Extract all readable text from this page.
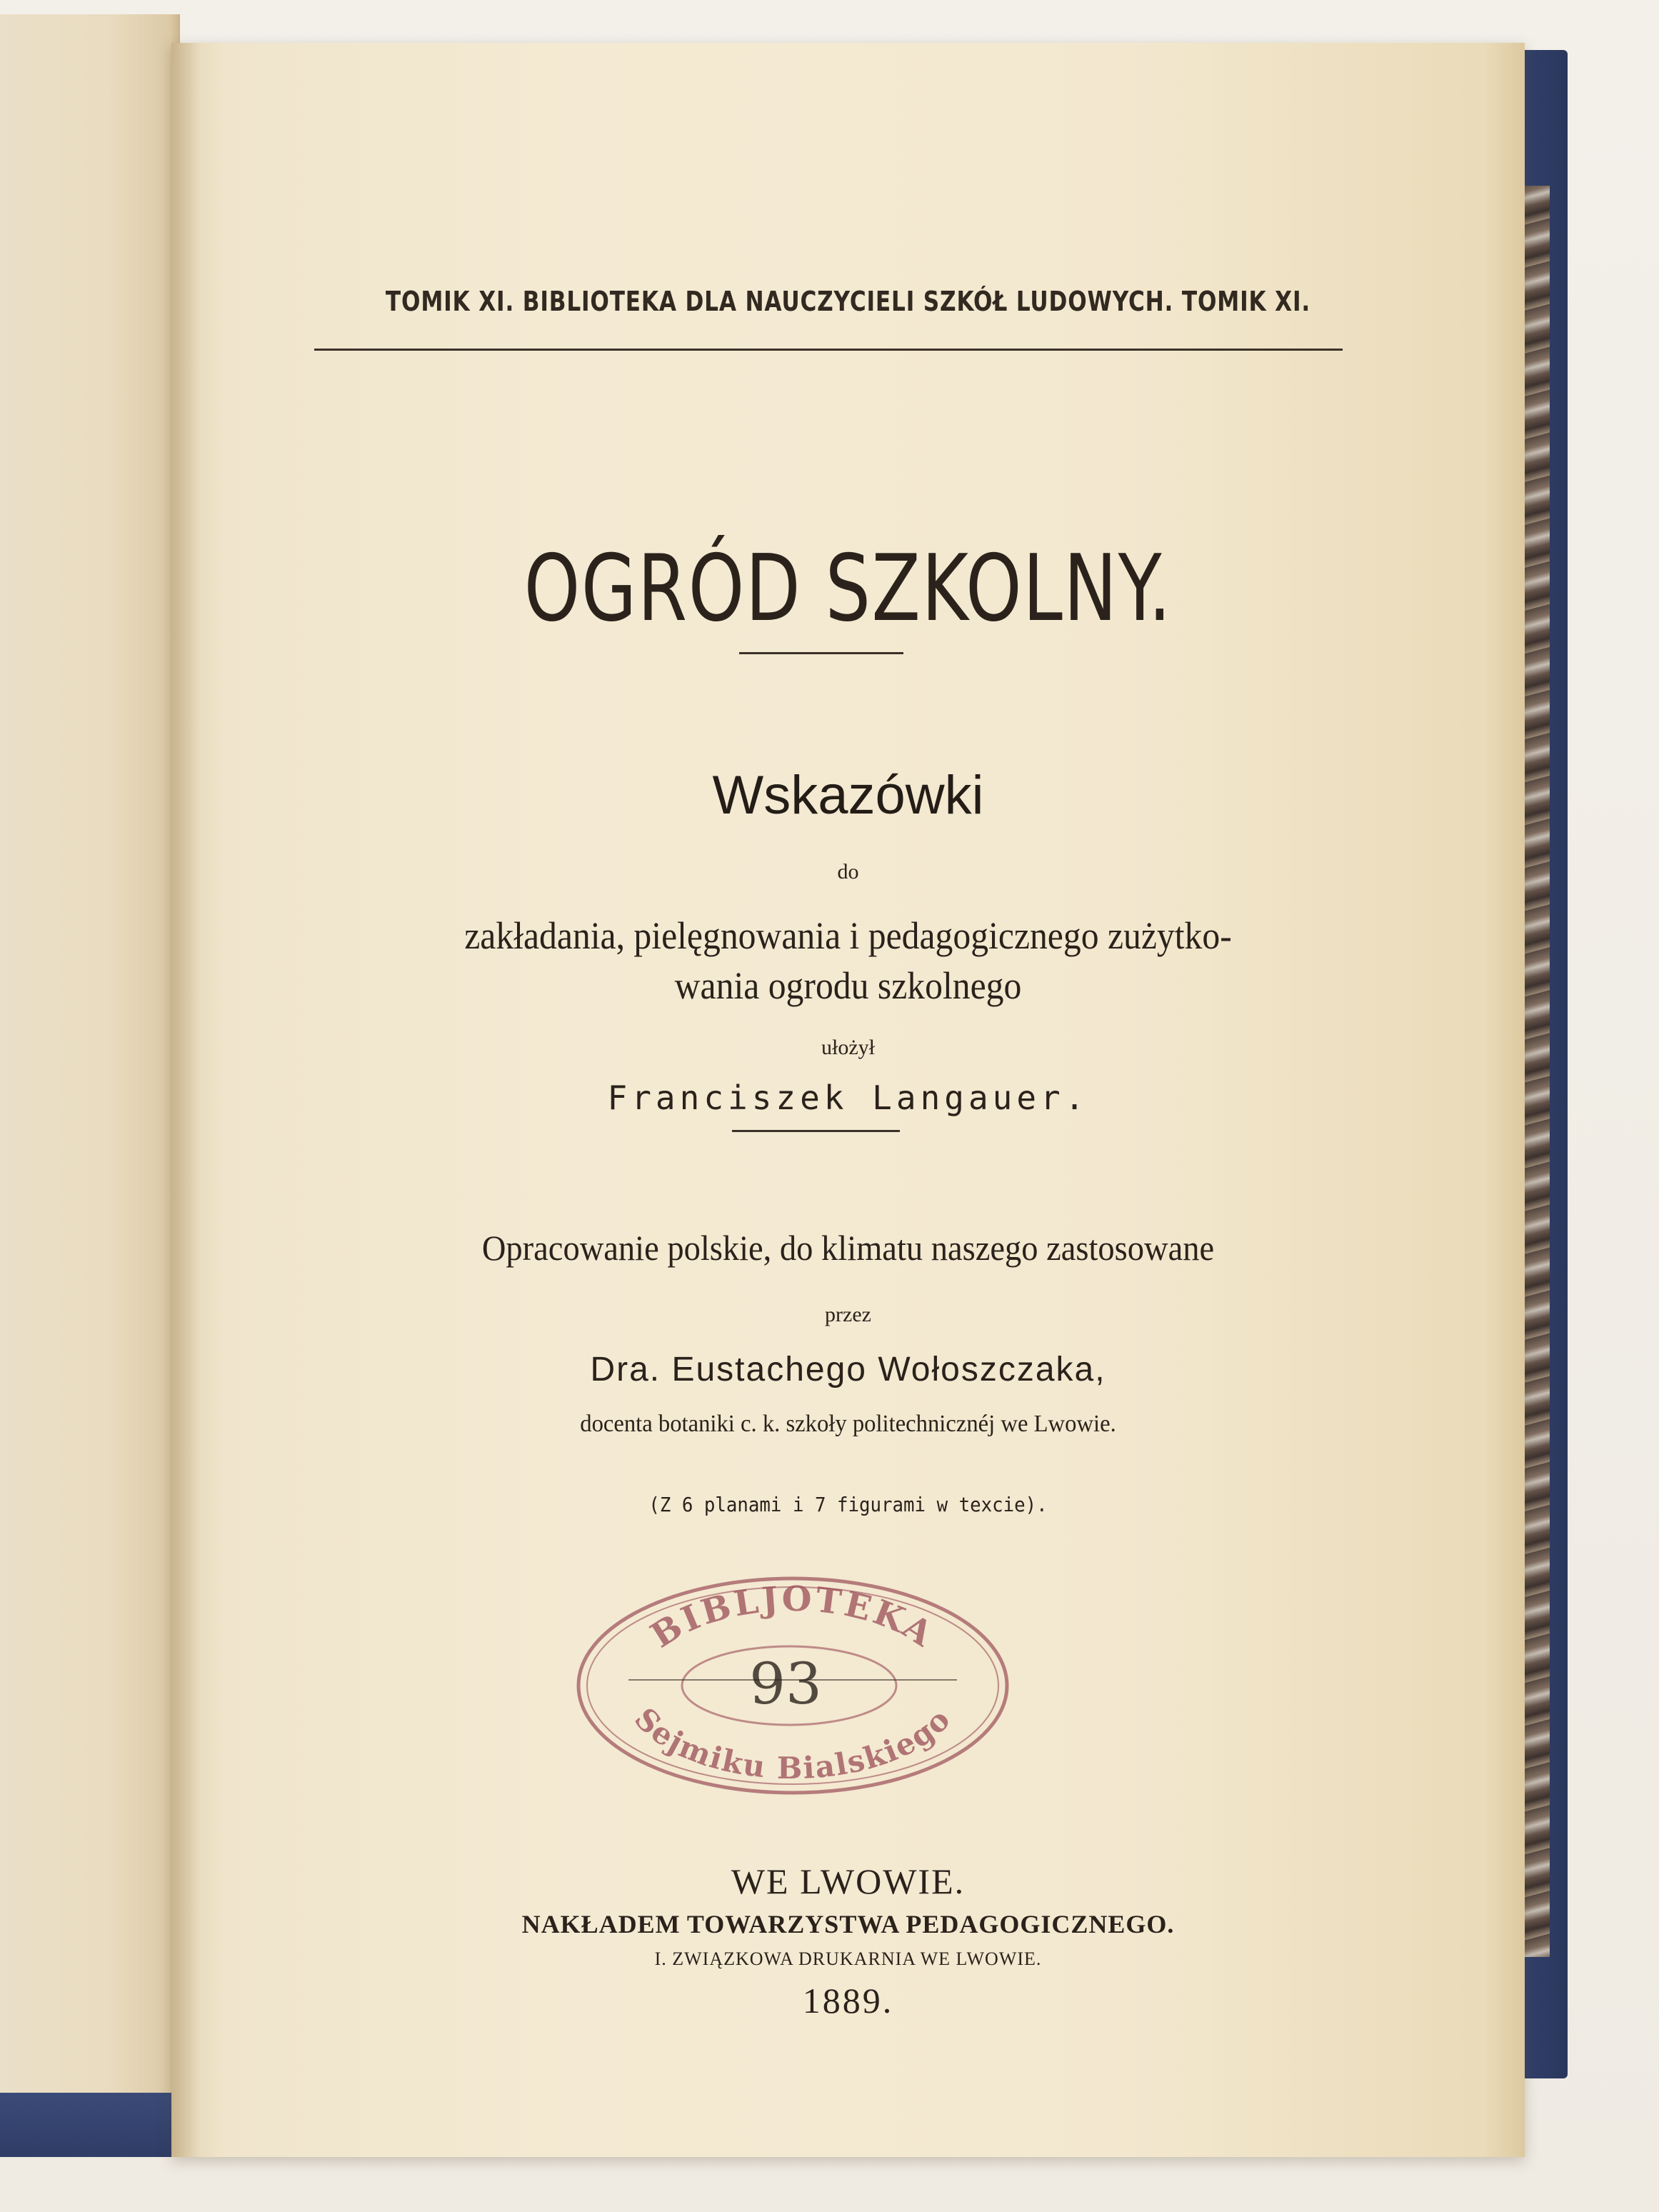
TOMIK XI. BIBLIOTEKA DLA NAUCZYCIELI SZKÓŁ LUDOWYCH. TOMIK XI.
OGRÓD SZKOLNY.
Wskazówki
do
zakładania, pielęgnowania i pedagogicznego zużytko-
wania ogrodu szkolnego
ułożył
Franciszek Langauer.
Opracowanie polskie, do klimatu naszego zastosowane
przez
Dra. Eustachego Wołoszczaka,
docenta botaniki c. k. szkoły politechnicznéj we Lwowie.
(Z 6 planami i 7 figurami w texcie).
BIBLJOTEKA
93
Sejmiku Bialskiego
WE LWOWIE.
NAKŁADEM TOWARZYSTWA PEDAGOGICZNEGO.
I. ZWIĄZKOWA DRUKARNIA WE LWOWIE.
1889.
